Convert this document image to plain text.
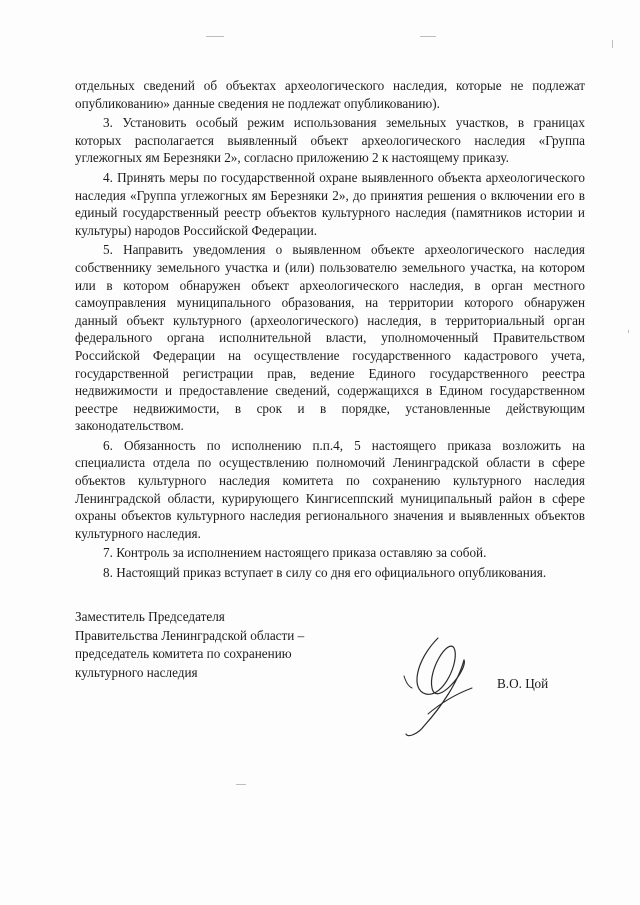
отдельных сведений об объектах археологического наследия, которые не подлежат опубликованию» данные сведения не подлежат опубликованию).

3. Установить особый режим использования земельных участков, в границах которых располагается выявленный объект археологического наследия «Группа углежогных ям Березняки 2», согласно приложению 2 к настоящему приказу.

4. Принять меры по государственной охране выявленного объекта археологического наследия «Группа углежогных ям Березняки 2», до принятия решения о включении его в единый государственный реестр объектов культурного наследия (памятников истории и культуры) народов Российской Федерации.

5. Направить уведомления о выявленном объекте археологического наследия собственнику земельного участка и (или) пользователю земельного участка, на котором или в котором обнаружен объект археологического наследия, в орган местного самоуправления муниципального образования, на территории которого обнаружен данный объект культурного (археологического) наследия, в территориальный орган федерального органа исполнительной власти, уполномоченный Правительством Российской Федерации на осуществление государственного кадастрового учета, государственной регистрации прав, ведение Единого государственного реестра недвижимости и предоставление сведений, содержащихся в Едином государственном реестре недвижимости, в срок и в порядке, установленные действующим законодательством.

6. Обязанность по исполнению п.п.4, 5 настоящего приказа возложить на специалиста отдела по осуществлению полномочий Ленинградской области в сфере объектов культурного наследия комитета по сохранению культурного наследия Ленинградской области, курирующего Кингисеппский муниципальный район в сфере охраны объектов культурного наследия регионального значения и выявленных объектов культурного наследия.

7. Контроль за исполнением настоящего приказа оставляю за собой.

8. Настоящий приказ вступает в силу со дня его официального опубликования.

Заместитель Председателя
Правительства Ленинградской области –
председатель комитета по сохранению
культурного наследия
В.О. Цой
